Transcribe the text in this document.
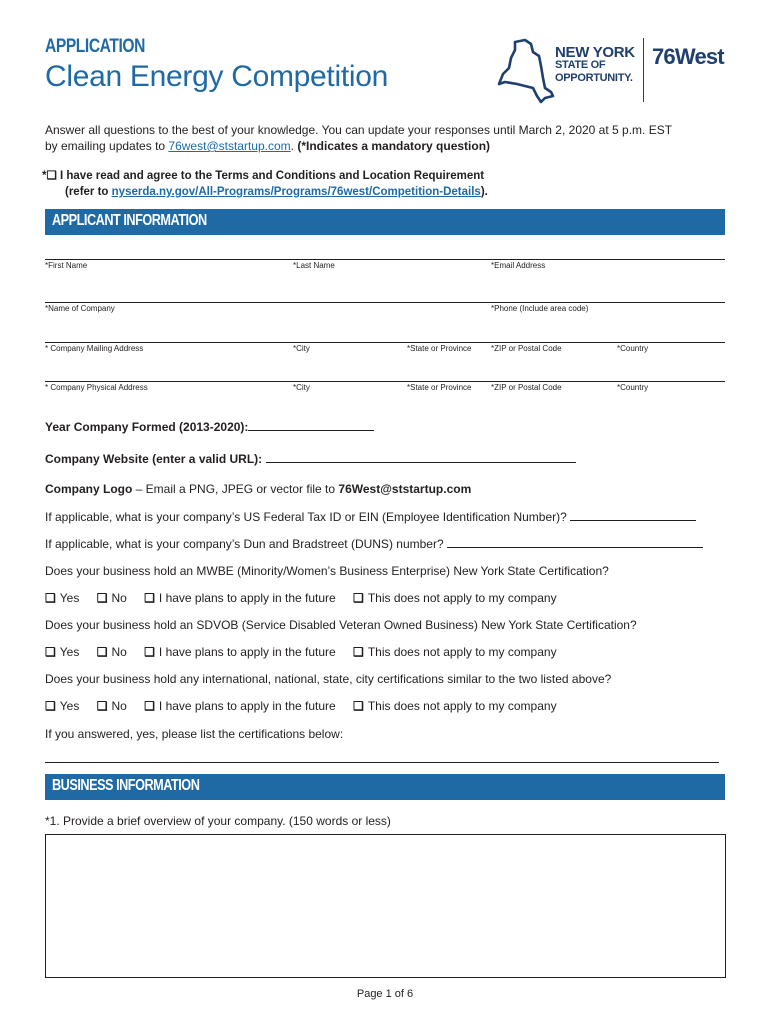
APPLICATION
Clean Energy Competition
NEW YORK
STATE OF
OPPORTUNITY.
76West
Answer all questions to the best of your knowledge. You can update your responses until March 2, 2020 at 5 p.m. EST
by emailing updates to 76west@ststartup.com. (*Indicates a mandatory question)
*❑ I have read and agree to the Terms and Conditions and Location Requirement
(refer to nyserda.ny.gov/All-Programs/Programs/76west/Competition-Details).
APPLICANT INFORMATION
*First Name	*Last Name	*Email Address
*Name of Company	*Phone (Include area code)
* Company Mailing Address	*City	*State or Province *ZIP or Postal Code	*Country
* Company Physical Address	*City	*State or Province *ZIP or Postal Code	*Country
Year Company Formed (2013-2020):
Company Website (enter a valid URL):
Company Logo – Email a PNG, JPEG or vector file to 76West@ststartup.com
If applicable, what is your company’s US Federal Tax ID or EIN (Employee Identification Number)?
If applicable, what is your company’s Dun and Bradstreet (DUNS) number?
Does your business hold an MWBE (Minority/Women’s Business Enterprise) New York State Certification?
❑ Yes ❑ No ❑ I have plans to apply in the future ❑ This does not apply to my company
Does your business hold an SDVOB (Service Disabled Veteran Owned Business) New York State Certification?
❑ Yes ❑ No ❑ I have plans to apply in the future ❑ This does not apply to my company
Does your business hold any international, national, state, city certifications similar to the two listed above?
❑ Yes ❑ No ❑ I have plans to apply in the future ❑ This does not apply to my company
If you answered, yes, please list the certifications below:
BUSINESS INFORMATION
*1. Provide a brief overview of your company. (150 words or less)
Page 1 of 6
